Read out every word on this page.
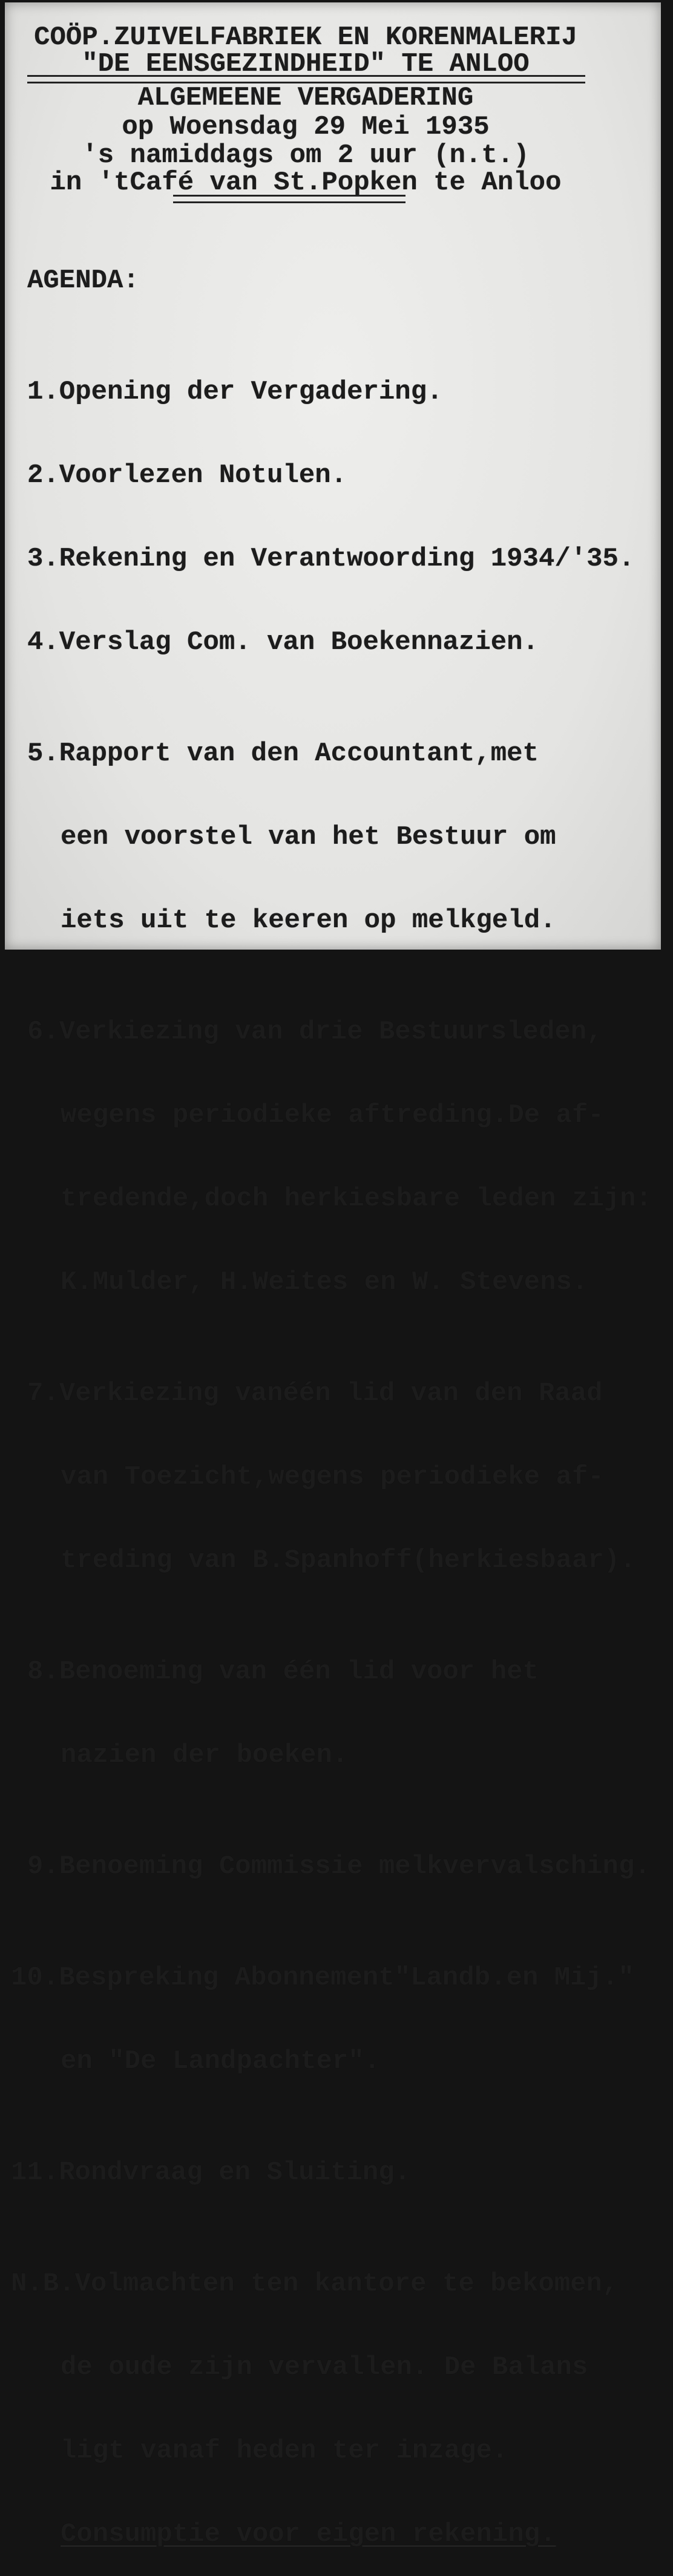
COÖP.ZUIVELFABRIEK EN KORENMALERIJ
"DE EENSGEZINDHEID" TE ANLOO
ALGEMEENE VERGADERING
op Woensdag 29 Mei 1935
's namiddags om 2 uur (n.t.)
in 'tCafé van St.Popken te Anloo

AGENDA:

1.Opening der Vergadering.

2.Voorlezen Notulen.

3.Rekening en Verantwoording 1934/'35.

4.Verslag Com. van Boekennazien.

5.Rapport van den Accountant,met

een voorstel van het Bestuur om

iets uit te keeren op melkgeld.

6.Verkiezing van drie Bestuursleden,

wegens periodieke aftreding.De af-

tredende,doch herkiesbare leden zijn:

K.Mulder, H.Weites en W. Stevens.

7.Verkiezing vanéén lid van den Raad

van Toezicht,wegens periodieke af-

treding van B.Spanhoff(herkiesbaar).

8.Benoeming van één lid voor het

nazien der boeken.

9.Benoeming Commissie melkvervalsching.

10.Bespreking Abonnement"Landb.en Mij."

en "De Landpachter".

11.Rondvraag en Sluiting.

N.B.Volmachten ten kantore te bekomen,

de oude zijn vervallen. De Balans

ligt vanaf heden ter inzage.

Consumptie voor eigen rekening.
